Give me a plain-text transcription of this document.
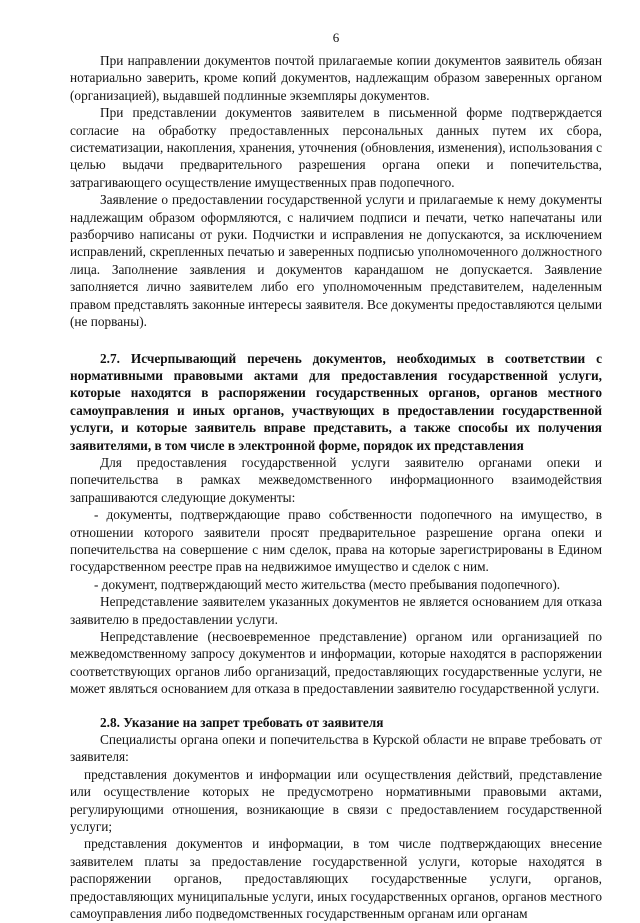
6

При направлении документов почтой прилагаемые копии документов заявитель обязан нотариально заверить, кроме копий документов, надлежащим образом заверенных органом (организацией), выдавшей подлинные экземпляры документов.

При представлении документов заявителем в письменной форме подтверждается согласие на обработку предоставленных персональных данных путем их сбора, систематизации, накопления, хранения, уточнения (обновления, изменения), использования с целью выдачи предварительного разрешения органа опеки и попечительства, затрагивающего осуществление имущественных прав подопечного.

Заявление о предоставлении государственной услуги и прилагаемые к нему документы надлежащим образом оформляются, с наличием подписи и печати, четко напечатаны или разборчиво написаны от руки. Подчистки и исправления не допускаются, за исключением исправлений, скрепленных печатью и заверенных подписью уполномоченного должностного лица. Заполнение заявления и документов карандашом не допускается. Заявление заполняется лично заявителем либо его уполномоченным представителем, наделенным правом представлять законные интересы заявителя. Все документы предоставляются целыми (не порваны).

2.7. Исчерпывающий перечень документов, необходимых в соответствии с нормативными правовыми актами для предоставления государственной услуги, которые находятся в распоряжении государственных органов, органов местного самоуправления и иных органов, участвующих в предоставлении государственной услуги, и которые заявитель вправе представить, а также способы их получения заявителями, в том числе в электронной форме, порядок их представления

Для предоставления государственной услуги заявителю органами опеки и попечительства в рамках межведомственного информационного взаимодействия запрашиваются следующие документы:

- документы, подтверждающие право собственности подопечного на имущество, в отношении которого заявители просят предварительное разрешение органа опеки и попечительства на совершение с ним сделок, права на которые зарегистрированы в Едином государственном реестре прав на недвижимое имущество и сделок с ним.

- документ, подтверждающий место жительства (место пребывания подопечного).

Непредставление заявителем указанных документов не является основанием для отказа заявителю в предоставлении услуги.

Непредставление (несвоевременное представление) органом или организацией по межведомственному запросу документов и информации, которые находятся в распоряжении соответствующих органов либо организаций, предоставляющих государственные услуги, не может являться основанием для отказа в предоставлении заявителю государственной услуги.

2.8. Указание на запрет требовать от заявителя

Специалисты органа опеки и попечительства в Курской области не вправе требовать от заявителя:

представления документов и информации или осуществления действий, представление или осуществление которых не предусмотрено нормативными правовыми актами, регулирующими отношения, возникающие в связи с предоставлением государственной услуги;

представления документов и информации, в том числе подтверждающих внесение заявителем платы за предоставление государственной услуги, которые находятся в распоряжении органов, предоставляющих государственные услуги, органов, предоставляющих муниципальные услуги, иных государственных органов, органов местного самоуправления либо подведомственных государственным органам или органам
